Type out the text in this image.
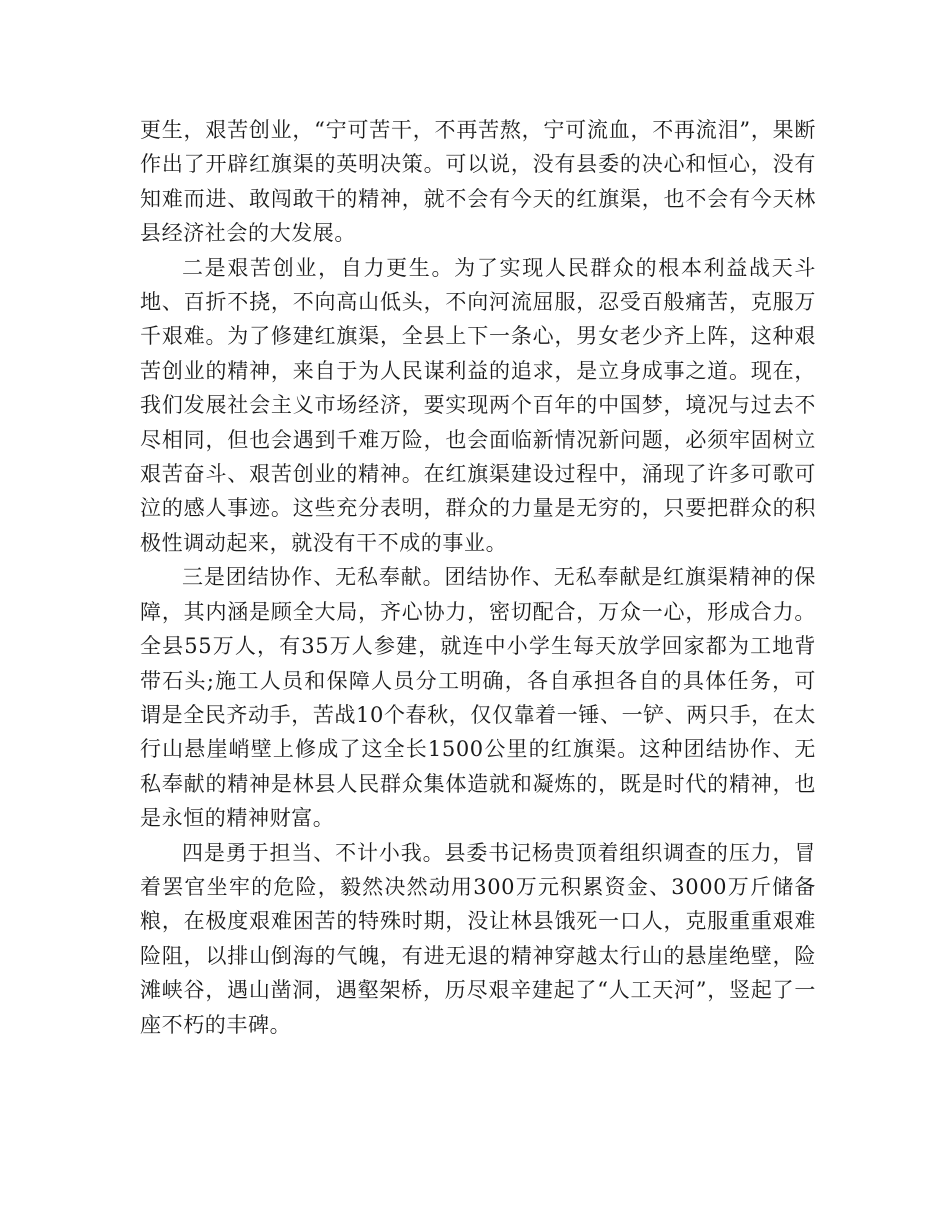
更生，艰苦创业，“宁可苦干，不再苦熬，宁可流血，不再流泪”，果断作出了开辟红旗渠的英明决策。可以说，没有县委的决心和恒心，没有知难而进、敢闯敢干的精神，就不会有今天的红旗渠，也不会有今天林县经济社会的大发展。

二是艰苦创业，自力更生。为了实现人民群众的根本利益战天斗地、百折不挠，不向高山低头，不向河流屈服，忍受百般痛苦，克服万千艰难。为了修建红旗渠，全县上下一条心，男女老少齐上阵，这种艰苦创业的精神，来自于为人民谋利益的追求，是立身成事之道。现在，我们发展社会主义市场经济，要实现两个百年的中国梦，境况与过去不尽相同，但也会遇到千难万险，也会面临新情况新问题，必须牢固树立艰苦奋斗、艰苦创业的精神。在红旗渠建设过程中，涌现了许多可歌可泣的感人事迹。这些充分表明，群众的力量是无穷的，只要把群众的积极性调动起来，就没有干不成的事业。

三是团结协作、无私奉献。团结协作、无私奉献是红旗渠精神的保障，其内涵是顾全大局，齐心协力，密切配合，万众一心，形成合力。全县55万人，有35万人参建，就连中小学生每天放学回家都为工地背带石头;施工人员和保障人员分工明确，各自承担各自的具体任务，可谓是全民齐动手，苦战10个春秋，仅仅靠着一锤、一铲、两只手，在太行山悬崖峭壁上修成了这全长1500公里的红旗渠。这种团结协作、无私奉献的精神是林县人民群众集体造就和凝炼的，既是时代的精神，也是永恒的精神财富。

四是勇于担当、不计小我。县委书记杨贵顶着组织调查的压力，冒着罢官坐牢的危险，毅然决然动用300万元积累资金、3000万斤储备粮，在极度艰难困苦的特殊时期，没让林县饿死一口人，克服重重艰难险阻，以排山倒海的气魄，有进无退的精神穿越太行山的悬崖绝壁，险滩峡谷，遇山凿洞，遇壑架桥，历尽艰辛建起了“人工天河”，竖起了一座不朽的丰碑。
